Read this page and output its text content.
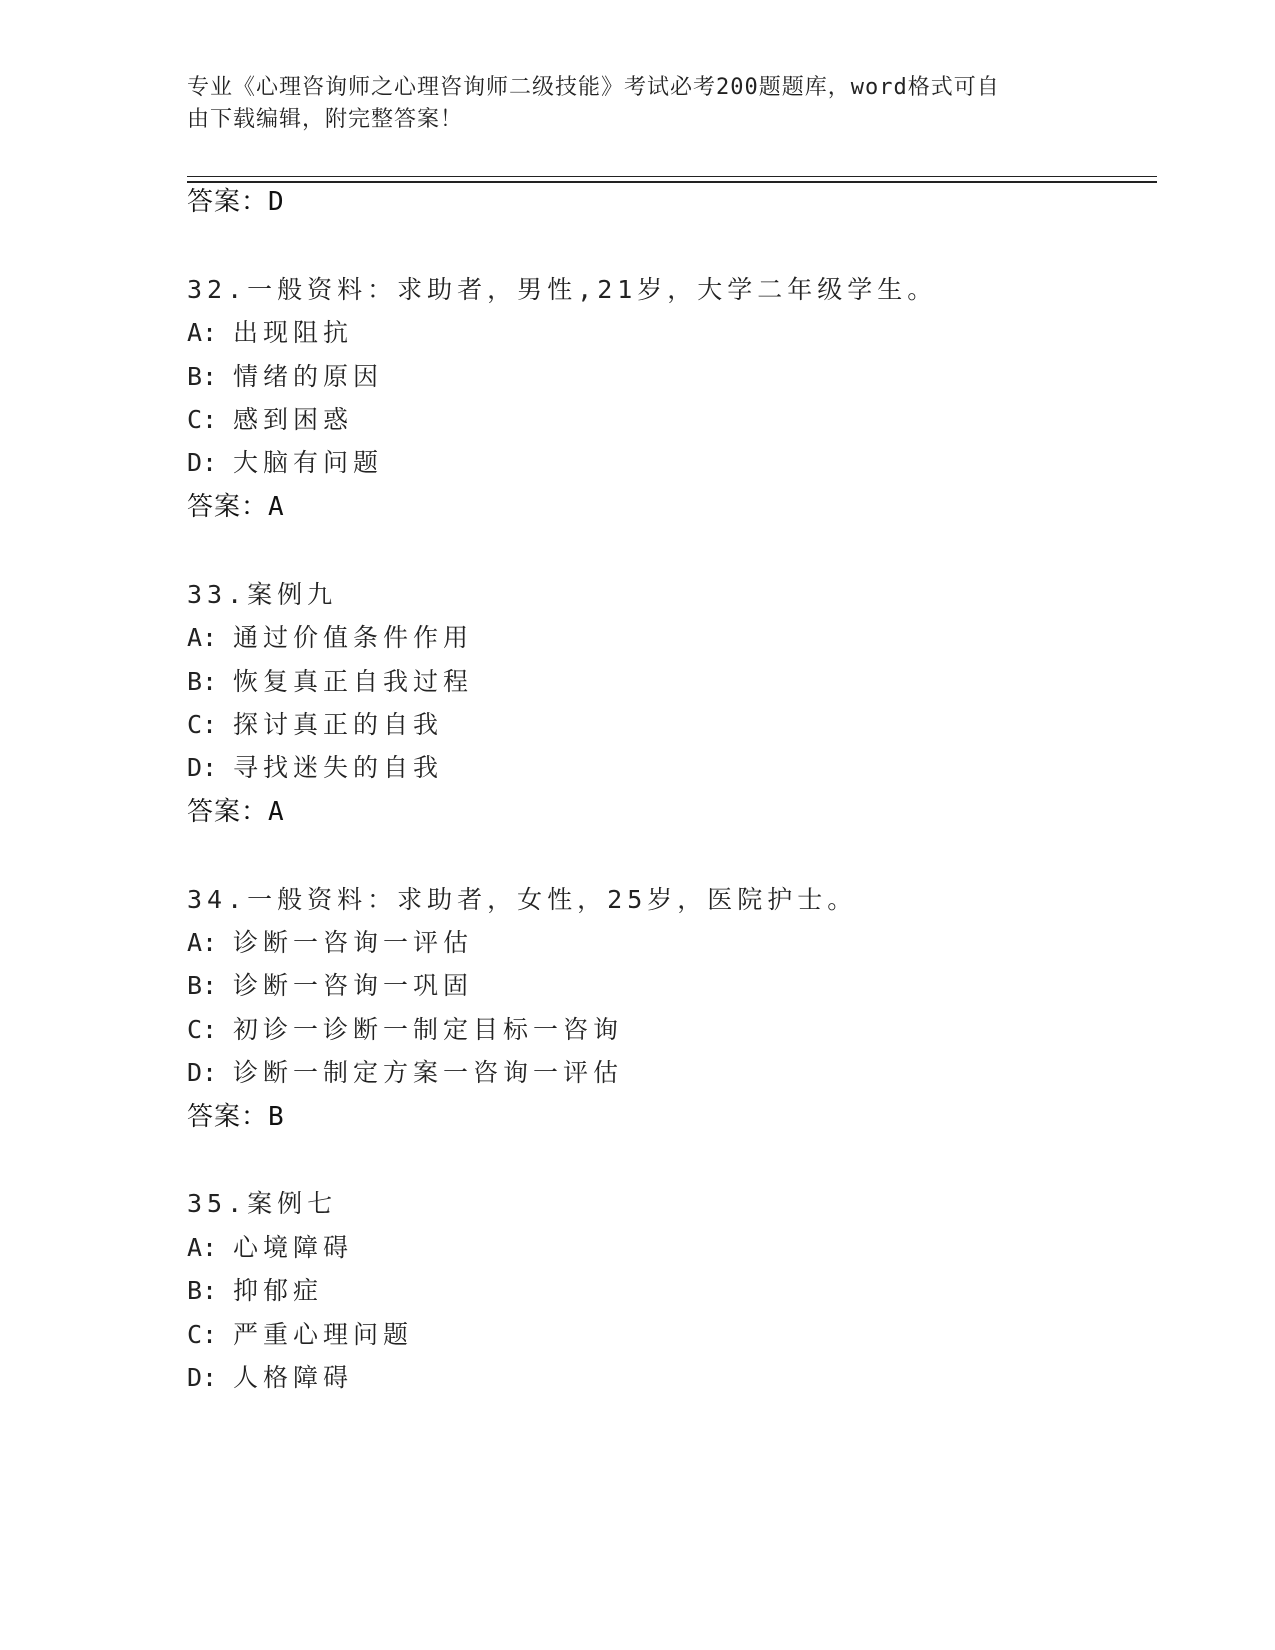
专业《心理咨询师之心理咨询师二级技能》考试必考200题题库，word格式可自
由下载编辑，附完整答案！
答案：D
32.一般资料：求助者，男性,21岁，大学二年级学生。
A: 出现阻抗
B: 情绪的原因
C: 感到困惑
D: 大脑有问题
答案：A
33.案例九
A: 通过价值条件作用
B: 恢复真正自我过程
C: 探讨真正的自我
D: 寻找迷失的自我
答案：A
34.一般资料：求助者，女性，25岁，医院护士。
A: 诊断一咨询一评估
B: 诊断一咨询一巩固
C: 初诊一诊断一制定目标一咨询
D: 诊断一制定方案一咨询一评估
答案：B
35.案例七
A: 心境障碍
B: 抑郁症
C: 严重心理问题
D: 人格障碍
